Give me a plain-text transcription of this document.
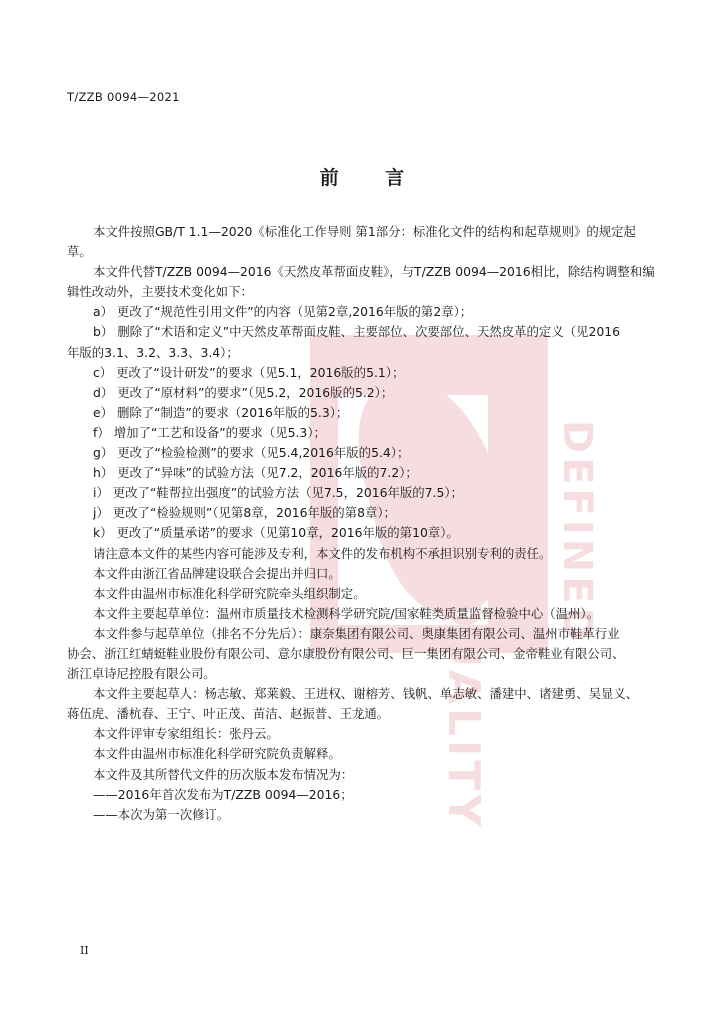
DEFINED
QUALITY
T/ZZB 0094—2021
前 言
本文件按照GB/T 1.1—2020《标准化工作导则 第1部分：标准化文件的结构和起草规则》的规定起
草。
本文件代替T/ZZB 0094—2016《天然皮革帮面皮鞋》，与T/ZZB 0094—2016相比，除结构调整和编
辑性改动外，主要技术变化如下：
a） 更改了“规范性引用文件”的内容（见第2章,2016年版的第2章）；
b） 删除了“术语和定义”中天然皮革帮面皮鞋、主要部位、次要部位、天然皮革的定义（见2016
年版的3.1、3.2、3.3、3.4）；
c） 更改了“设计研发”的要求（见5.1，2016版的5.1）；
d） 更改了“原材料”的要求”（见5.2，2016版的5.2）；
e） 删除了“制造”的要求（2016年版的5.3）；
f） 增加了“工艺和设备”的要求（见5.3）；
g） 更改了“检验检测”的要求（见5.4,2016年版的5.4）；
h） 更改了“异味”的试验方法（见7.2，2016年版的7.2）；
i） 更改了“鞋帮拉出强度”的试验方法（见7.5，2016年版的7.5）；
j） 更改了“检验规则”（见第8章，2016年版的第8章）；
k） 更改了“质量承诺”的要求（见第10章，2016年版的第10章）。
请注意本文件的某些内容可能涉及专利，本文件的发布机构不承担识别专利的责任。
本文件由浙江省品牌建设联合会提出并归口。
本文件由温州市标准化科学研究院牵头组织制定。
本文件主要起草单位：温州市质量技术检测科学研究院/国家鞋类质量监督检验中心（温州）。
本文件参与起草单位（排名不分先后）：康奈集团有限公司、奥康集团有限公司、温州市鞋革行业
协会、浙江红蜻蜓鞋业股份有限公司、意尔康股份有限公司、巨一集团有限公司、金帝鞋业有限公司、
浙江卓诗尼控股有限公司。
本文件主要起草人：杨志敏、郑莱毅、王进权、谢榕芳、钱帆、单志敏、潘建中、诸建勇、吴显义、
蒋伍虎、潘杭春、王宁、叶正茂、苗洁、赵振普、王龙通。
本文件评审专家组组长：张丹云。
本文件由温州市标准化科学研究院负责解释。
本文件及其所替代文件的历次版本发布情况为：
——2016年首次发布为T/ZZB 0094—2016；
——本次为第一次修订。
II
